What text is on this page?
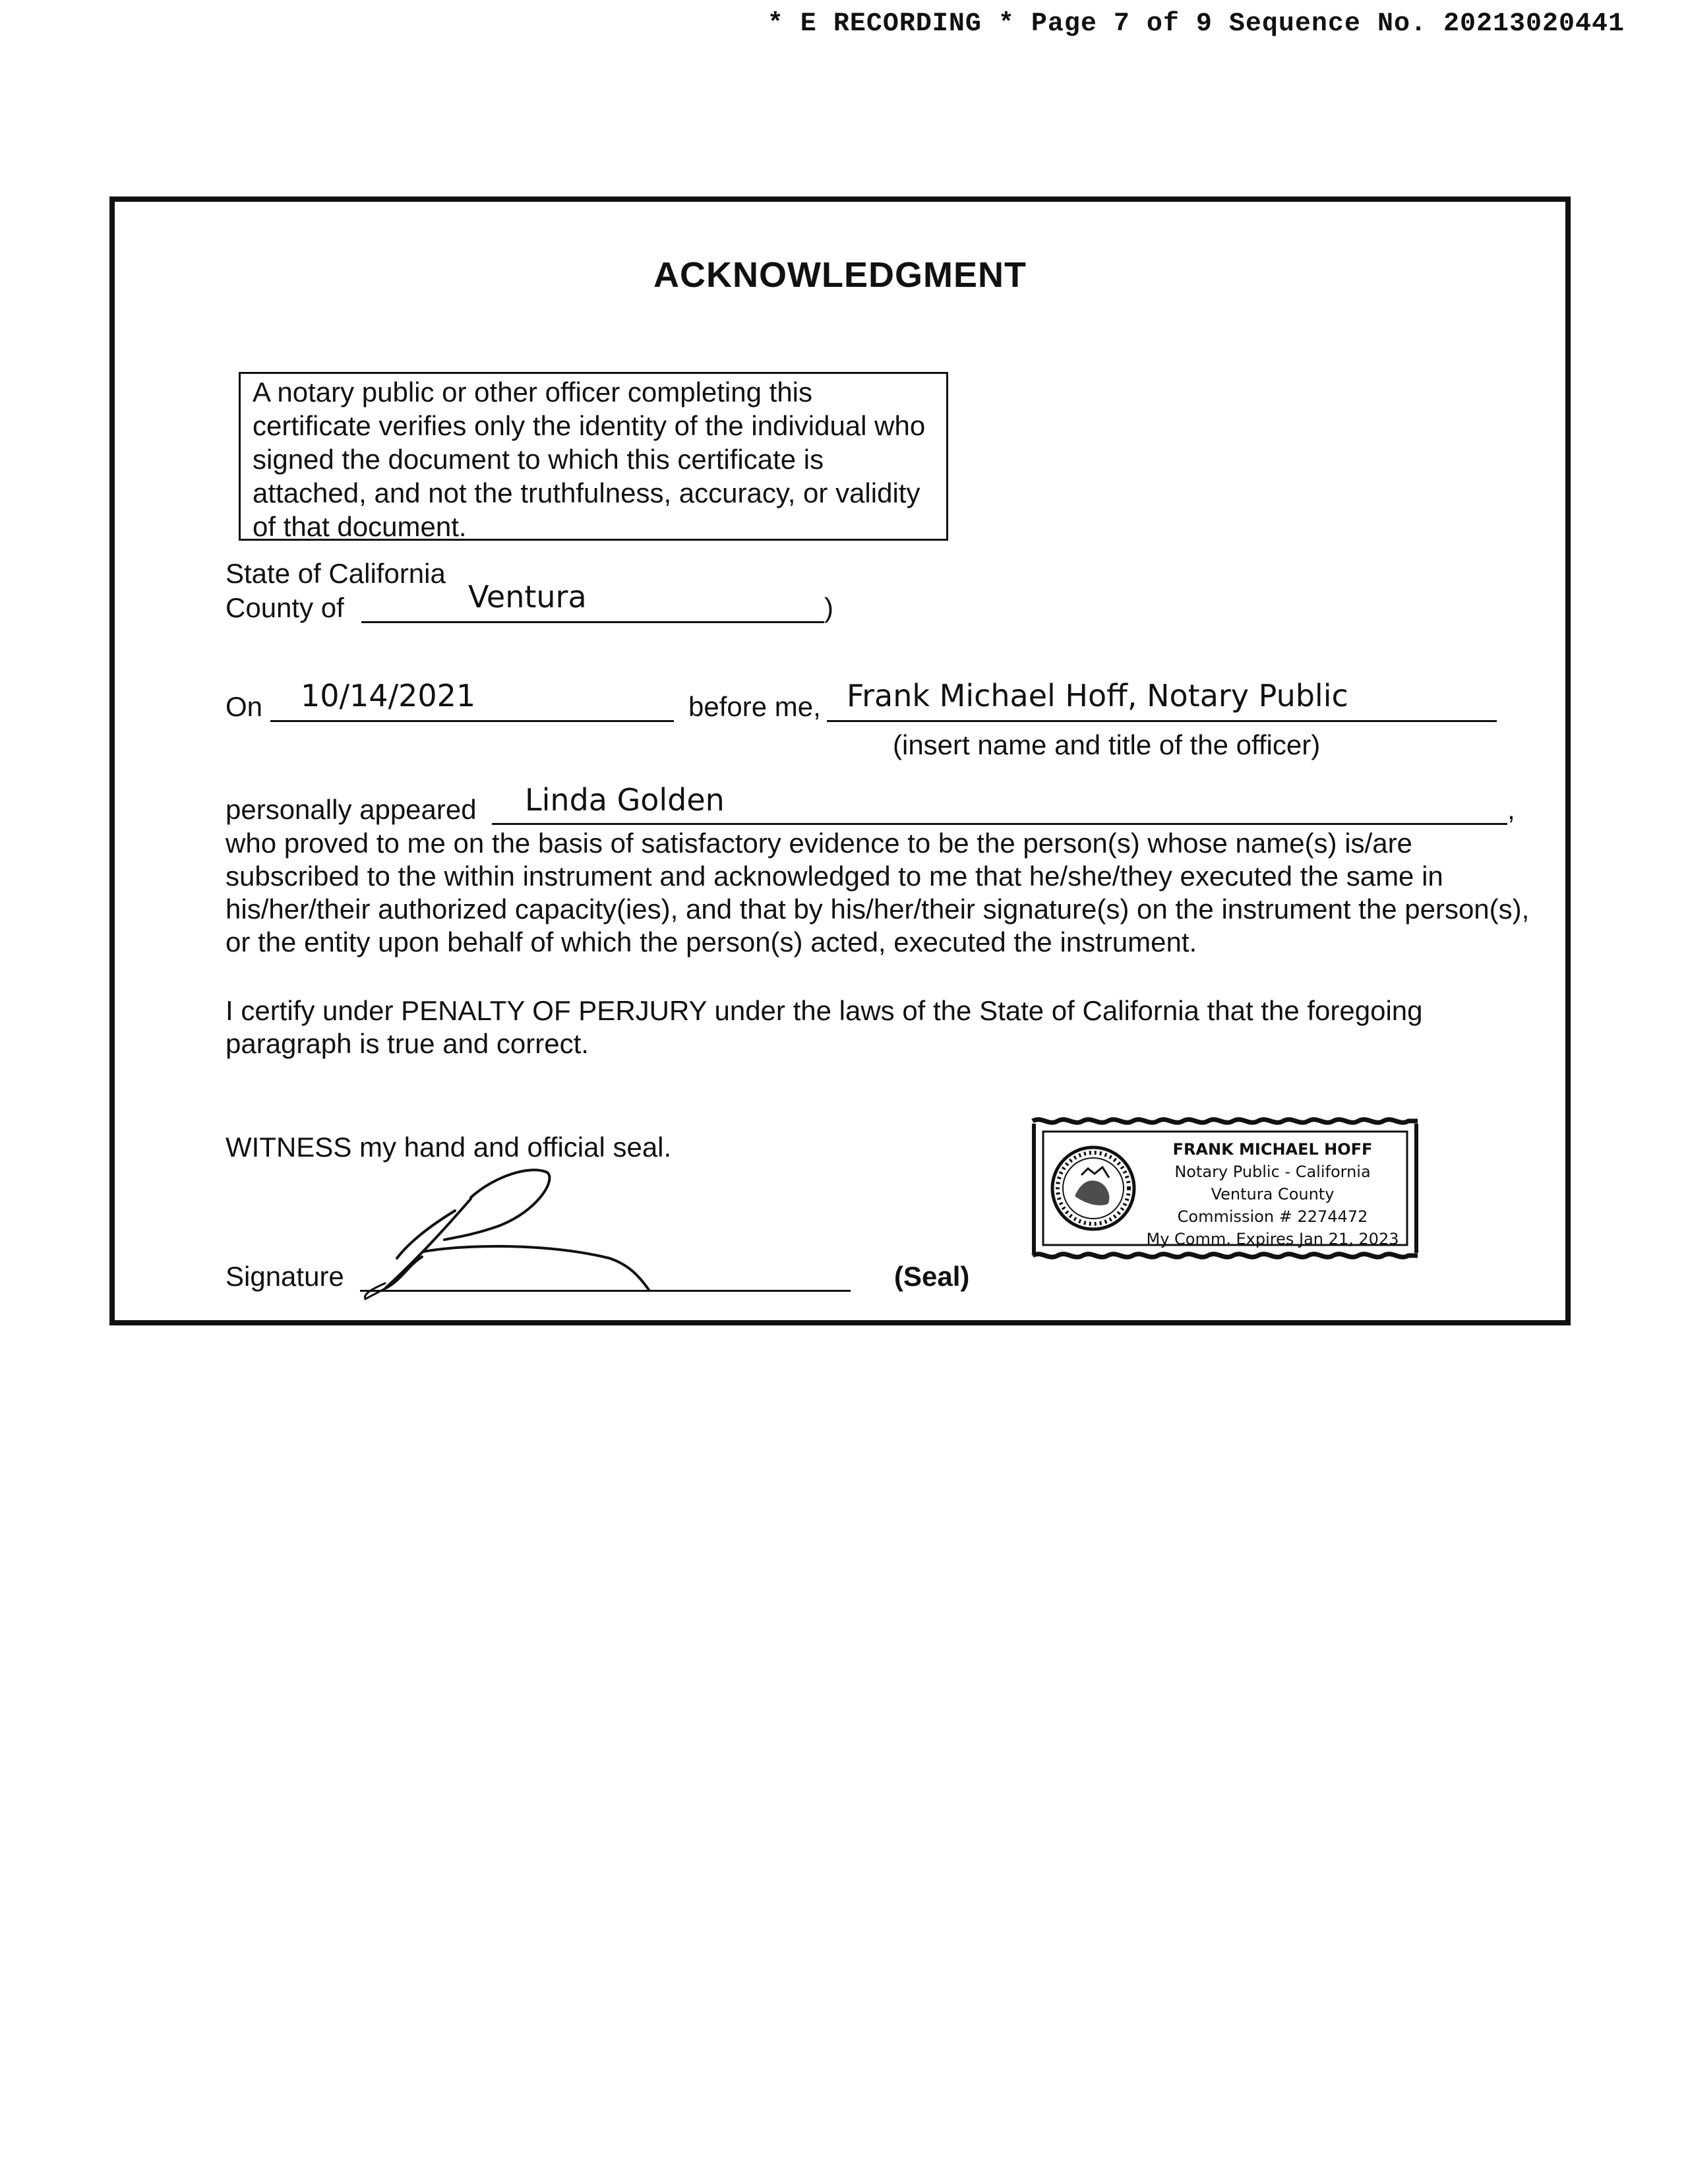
* E RECORDING * Page 7 of 9 Sequence No. 20213020441
ACKNOWLEDGMENT
A notary public or other officer completing this certificate verifies only the identity of the individual who signed the document to which this certificate is attached, and not the truthfulness, accuracy, or validity of that document.
State of California
County of	Ventura	)
On 10/14/2021	before me, Frank Michael Hoff, Notary Public
(insert name and title of the officer)
personally appeared Linda Golden	,
who proved to me on the basis of satisfactory evidence to be the person(s) whose name(s) is/are subscribed to the within instrument and acknowledged to me that he/she/they executed the same in his/her/their authorized capacity(ies), and that by his/her/their signature(s) on the instrument the person(s), or the entity upon behalf of which the person(s) acted, executed the instrument.
I certify under PENALTY OF PERJURY under the laws of the State of California that the foregoing paragraph is true and correct.
WITNESS my hand and official seal.
Signature	(Seal)
FRANK MICHAEL HOFF
Notary Public - California
Ventura County
Commission # 2274472
My Comm. Expires Jan 21, 2023
